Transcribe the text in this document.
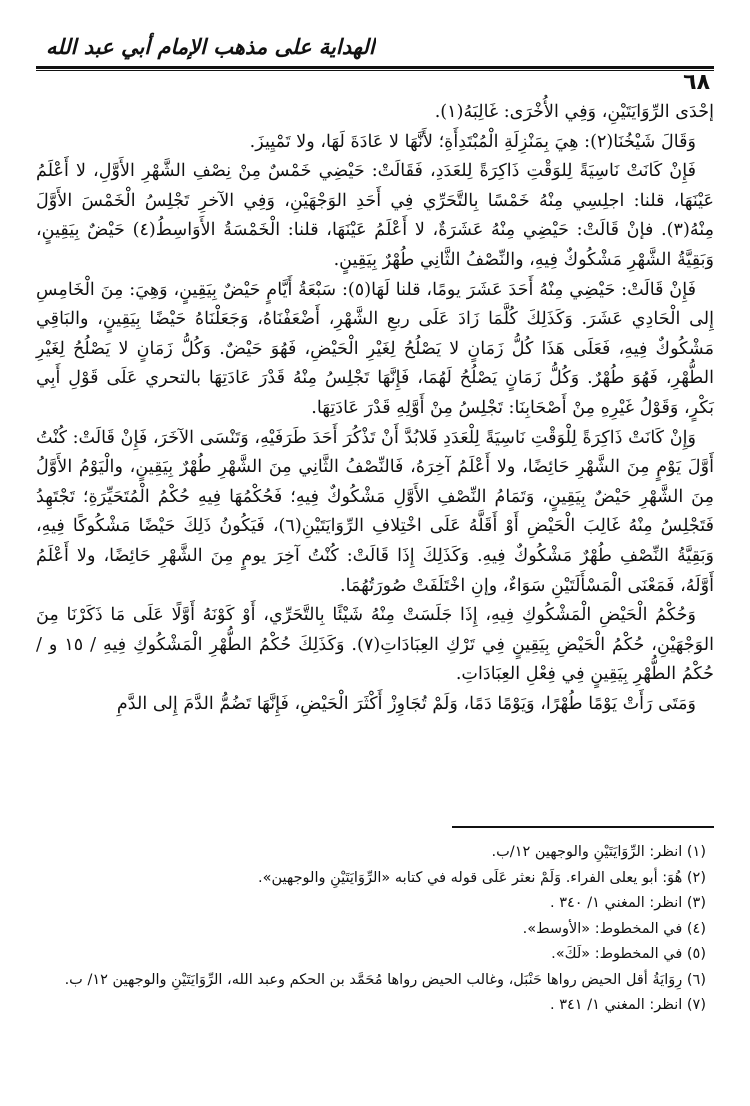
الهداية على مذهب الإمام أبي عبد الله
٦٨

إحْدَى الرِّوَايَتَيْنِ، وَفِي الأُخْرَى: غَالِبَهُ(١).

وَقَالَ شَيْخُنَا(٢): هِيَ بِمَنْزِلَةِ الْمُبْتَدِأَةِ؛ لأَنَّهَا لا عَادَةَ لَهَا، ولا تَمْيِيزَ.

فَإِنْ كَانَتْ نَاسِيَةً لِلوَقْتِ ذَاكِرَةً لِلعَدَدِ، فَقَالَتْ: حَيْضِي خَمْسٌ مِنْ نِصْفِ الشَّهْرِ الأَوَّلِ، لا أَعْلَمُ عَيْنَهَا، قلنا: اجلِسِي مِنْهُ خَمْسًا بِالتَّحَرِّي فِي أَحَدِ الوَجْهَيْنِ، وَفِي الآخرِ تَجْلِسُ الْخَمْسَ الأَوَّلَ مِنْهُ(٣). فإنْ قَالَتْ: حَيْضِي مِنْهُ عَشَرَةٌ، لا أَعْلَمُ عَيْنَهَا، قلنا: الْخَمْسَةُ الأَوَاسِطُ(٤) حَيْضٌ بِيَقِينٍ، وَبَقِيَّةُ الشَّهْرِ مَشْكُوكٌ فِيهِ، والنِّصْفُ الثَّانِي طُهْرٌ بِيَقِينٍ.

فَإِنْ قَالَتْ: حَيْضِي مِنْهُ أَحَدَ عَشَرَ يومًا، قلنا لَهَا(٥): سَبْعَةُ أَيَّامٍ حَيْضٌ بِيَقِينٍ، وَهِيَ: مِنَ الْخَامِسِ إِلى الْحَادِي عَشَرَ. وَكَذَلِكَ كُلَّمَا زَادَ عَلَى ربعِ الشَّهْرِ، أَضْعَفْنَاهُ، وَجَعَلْنَاهُ حَيْضًا بِيَقِينٍ، والبَاقِي مَشْكُوكٌ فِيهِ، فَعَلَى هَذَا كُلُّ زَمَانٍ لا يَصْلُحُ لِغَيْرِ الْحَيْضِ، فَهُوَ حَيْضٌ. وَكُلُّ زَمَانٍ لا يَصْلُحُ لِغَيْرِ الطُّهْرِ، فَهُوَ طُهْرٌ. وَكُلُّ زَمَانٍ يَصْلُحُ لَهُمَا، فَإِنَّهَا تَجْلِسُ مِنْهُ قَدْرَ عَادَتِهَا بالتحري عَلَى قَوْلِ أَبِي بَكْرٍ، وَقَوْلُ غَيْرِهِ مِنْ أَصْحَابِنَا: تَجْلِسُ مِنْ أَوَّلِهِ قَدْرَ عَادَتِهَا.

وَإِنْ كَانَتْ ذَاكِرَةً لِلْوَقْتِ نَاسِيَةً لِلْعَدَدِ فَلابُدَّ أَنْ تَذْكُرَ أَحَدَ طَرَفَيْهِ، وَتَنْسَى الآخَرَ، فَإِنْ قَالَتْ: كُنْتُ أَوَّلَ يَوْمٍ مِنَ الشَّهْرِ حَائِضًا، ولا أَعْلَمُ آخِرَهُ، فَالنِّصْفُ الثَّانِي مِنَ الشَّهْرِ طُهْرٌ بِيَقِينٍ، والْيَوْمُ الأَوَّلُ مِنَ الشَّهْرِ حَيْضٌ بِيَقِينٍ، وَتَمَامُ النِّصْفِ الأَوَّلِ مَشْكُوكٌ فِيهِ؛ فَحُكْمُهَا فِيهِ حُكْمُ الْمُتَحَيِّرَةِ؛ تَجْتَهِدُ فَتَجْلِسُ مِنْهُ غَالِبَ الْحَيْضِ أَوْ أَقَلَّهُ عَلَى اخْتِلافِ الرِّوَايَتَيْنِ(٦)، فَيَكُونُ ذَلِكَ حَيْضًا مَشْكُوكًا فِيهِ، وَبَقِيَّةُ النِّصْفِ طُهْرٌ مَشْكُوكٌ فِيهِ. وَكَذَلِكَ إِذَا قَالَتْ: كُنْتُ آخِرَ يومٍ مِنَ الشَّهْرِ حَائِضًا، ولا أَعْلَمُ أَوَّلَهُ، فَمَعْنَى الْمَسْأَلَتَيْنِ سَوَاءٌ، وإنِ اخْتَلَفَتْ صُورَتُهُمَا.

وَحُكْمُ الْحَيْضِ الْمَشْكُوكِ فِيهِ، إِذَا جَلَسَتْ مِنْهُ شَيْئًا بِالتَّحَرِّي، أَوْ كَوْنَهُ أَوَّلًا عَلَى مَا ذَكَرْنَا مِنَ الوَجْهَيْنِ، حُكْمُ الْحَيْضِ بِيَقِينٍ فِي تَرْكِ العِبَادَاتِ(٧). وَكَذَلِكَ حُكْمُ الطُّهْرِ الْمَشْكُوكِ فِيهِ / ١٥ و / حُكْمُ الطُّهْرِ بِيَقِينٍ فِي فِعْلِ العِبَادَاتِ.

وَمَتَى رَأَتْ يَوْمًا طُهْرًا، وَيَوْمًا دَمًا، وَلَمْ تُجَاوِزْ أَكْثَرَ الْحَيْضِ، فَإِنَّهَا تَضُمُّ الدَّمَ إِلى الدَّمِ

(١) انظر: الرِّوَايَتَيْنِ والوجهين ١٢/ب.

(٢) هُوَ: أبو يعلى الفراء. وَلَمْ نعثر عَلَى قوله في كتابه «الرِّوَايَتَيْنِ والوجهين».

(٣) انظر: المغني ١/ ٣٤٠ .

(٤) في المخطوط: «الأوسط».

(٥) في المخطوط: «لَكَ».

(٦) رِوَايَةُ أقل الحيض رواها حَنْبَل، وغالب الحيض رواها مُحَمَّد بن الحكم وعبد الله، الرِّوَايَتَيْنِ والوجهين ١٢/ ب.

(٧) انظر: المغني ١/ ٣٤١ .
